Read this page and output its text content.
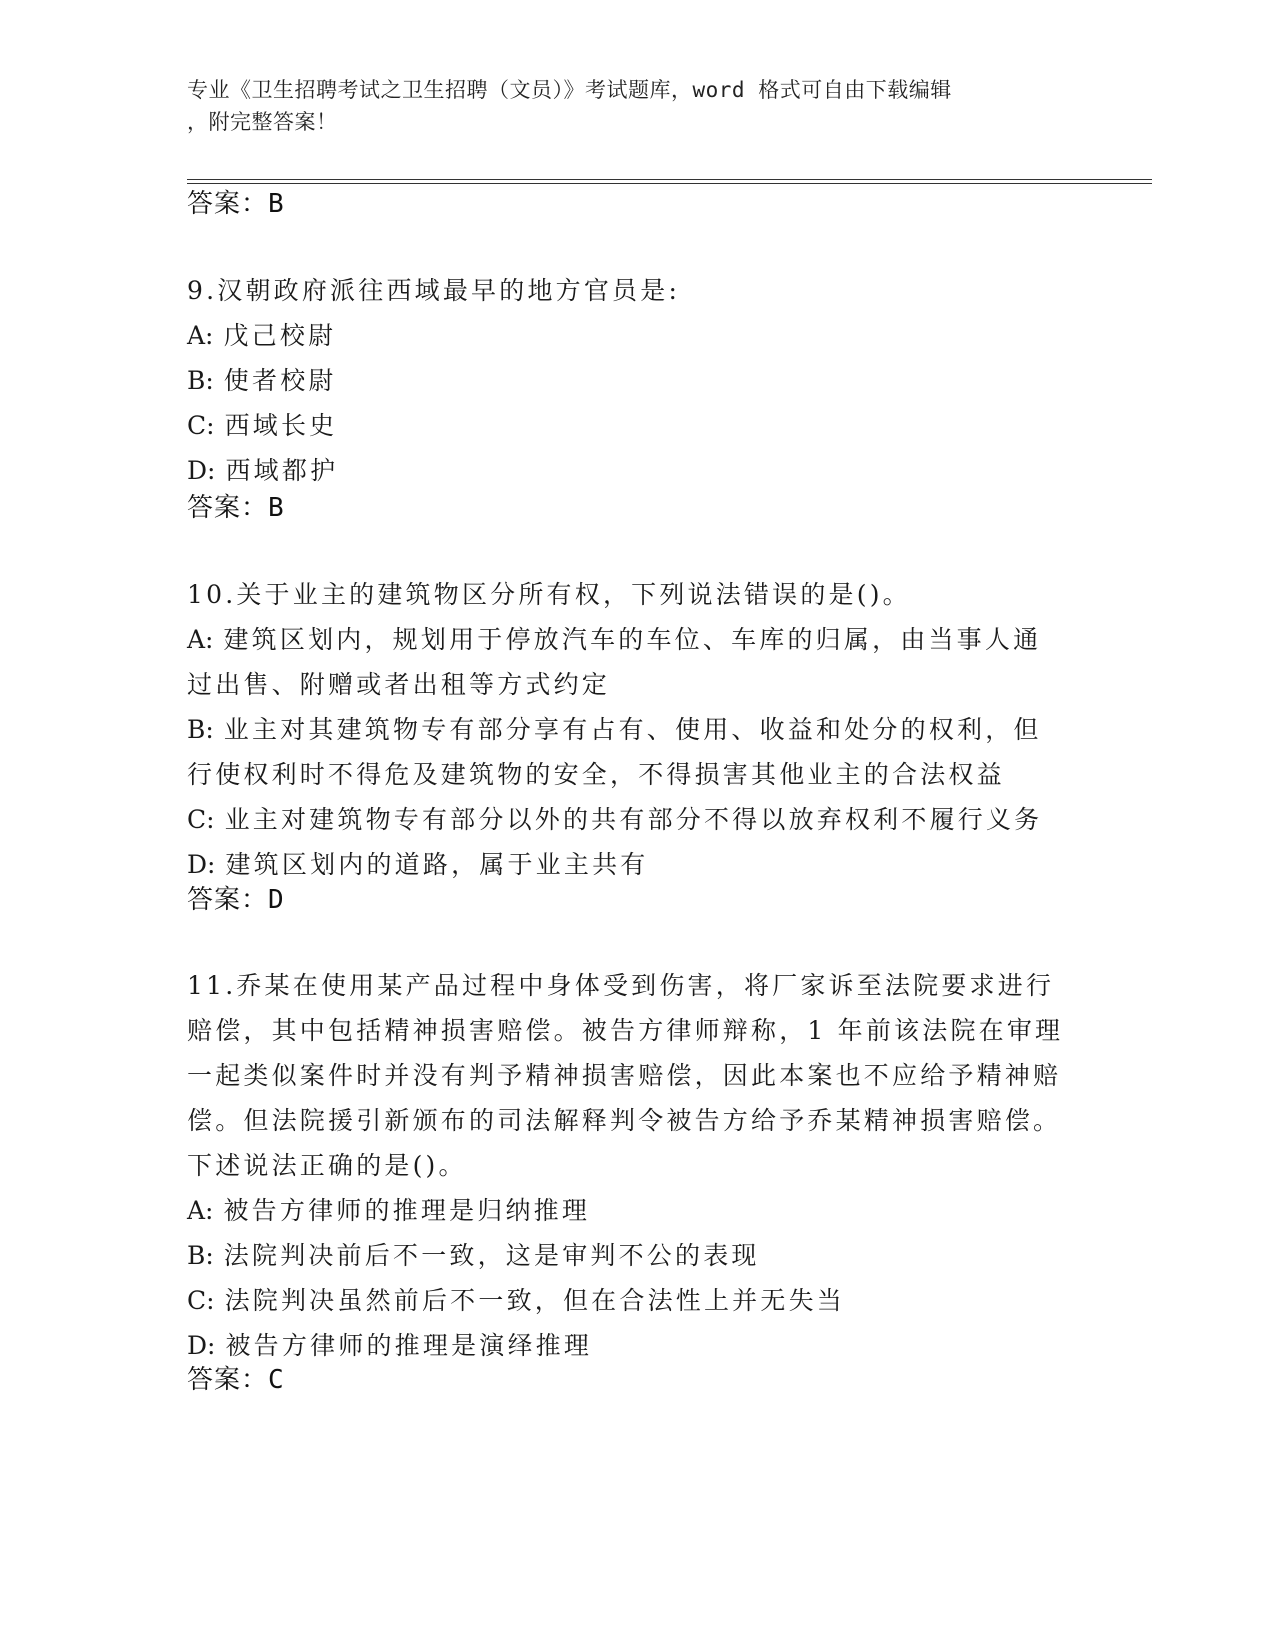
专业《卫生招聘考试之卫生招聘（文员）》考试题库，word 格式可自由下载编辑
，附完整答案！
答案：B
9.汉朝政府派往西域最早的地方官员是:
A: 戊己校尉
B: 使者校尉
C: 西域长史
D: 西域都护
答案：B
10.关于业主的建筑物区分所有权，下列说法错误的是()。
A: 建筑区划内，规划用于停放汽车的车位、车库的归属，由当事人通过出售、附赠或者出租等方式约定
B: 业主对其建筑物专有部分享有占有、使用、收益和处分的权利，但行使权利时不得危及建筑物的安全，不得损害其他业主的合法权益
C: 业主对建筑物专有部分以外的共有部分不得以放弃权利不履行义务
D: 建筑区划内的道路，属于业主共有
答案：D
11.乔某在使用某产品过程中身体受到伤害，将厂家诉至法院要求进行赔偿，其中包括精神损害赔偿。被告方律师辩称，1 年前该法院在审理一起类似案件时并没有判予精神损害赔偿，因此本案也不应给予精神赔偿。但法院援引新颁布的司法解释判令被告方给予乔某精神损害赔偿。下述说法正确的是()。
A: 被告方律师的推理是归纳推理
B: 法院判决前后不一致，这是审判不公的表现
C: 法院判决虽然前后不一致，但在合法性上并无失当
D: 被告方律师的推理是演绎推理
答案：C
